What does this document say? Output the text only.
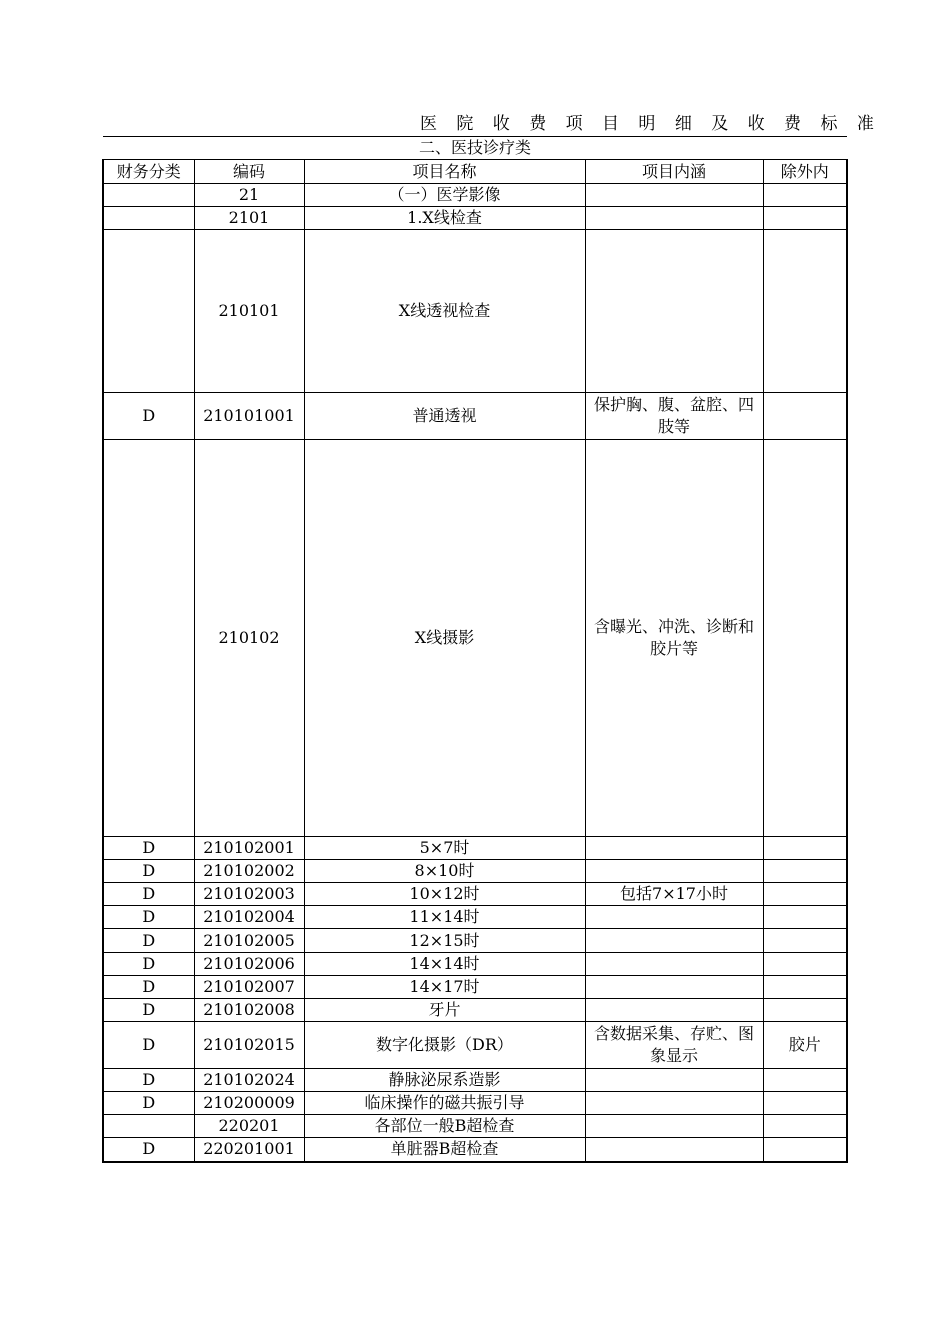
医 院 收 费 项 目 明 细 及 收 费 标 准
二、医技诊疗类				
财务分类	编码	项目名称	项目内涵	除外内
	21	（一）医学影像		
	2101	1.X线检查		
	210101	X线透视检查		
D	210101001	普通透视	保护胸、腹、盆腔、四肢等	
	210102	X线摄影	含曝光、冲洗、诊断和胶片等	
D	210102001	5×7时		
D	210102002	8×10时		
D	210102003	10×12时	包括7×17小时	
D	210102004	11×14时		
D	210102005	12×15时		
D	210102006	14×14时		
D	210102007	14×17时		
D	210102008	牙片		
D	210102015	数字化摄影（DR）	含数据采集、存贮、图象显示	胶片
D	210102024	静脉泌尿系造影		
D	210200009	临床操作的磁共振引导		
	220201	各部位一般B超检查		
D	220201001	单脏器B超检查		
